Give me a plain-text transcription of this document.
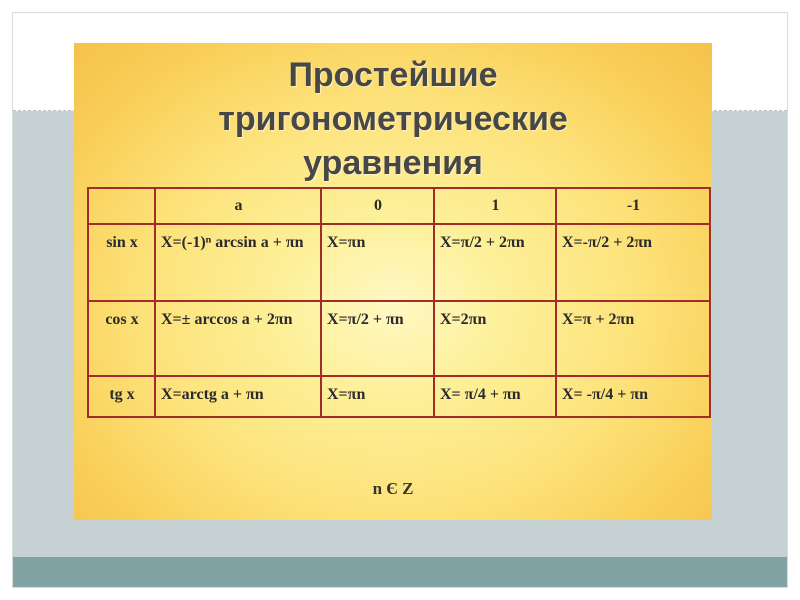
Простейшие
тригонометрические
уравнения
	a	0	1	-1
sin x	X=(-1)ⁿ arcsin a + πn	X=πn	X=π/2 + 2πn	X=-π/2 + 2πn
cos x	X=± arccos a + 2πn	X=π/2 + πn	X=2πn	X=π + 2πn
tg x	X=arctg a + πn	X=πn	X= π/4 + πn	X= -π/4 + πn
n Є Z
